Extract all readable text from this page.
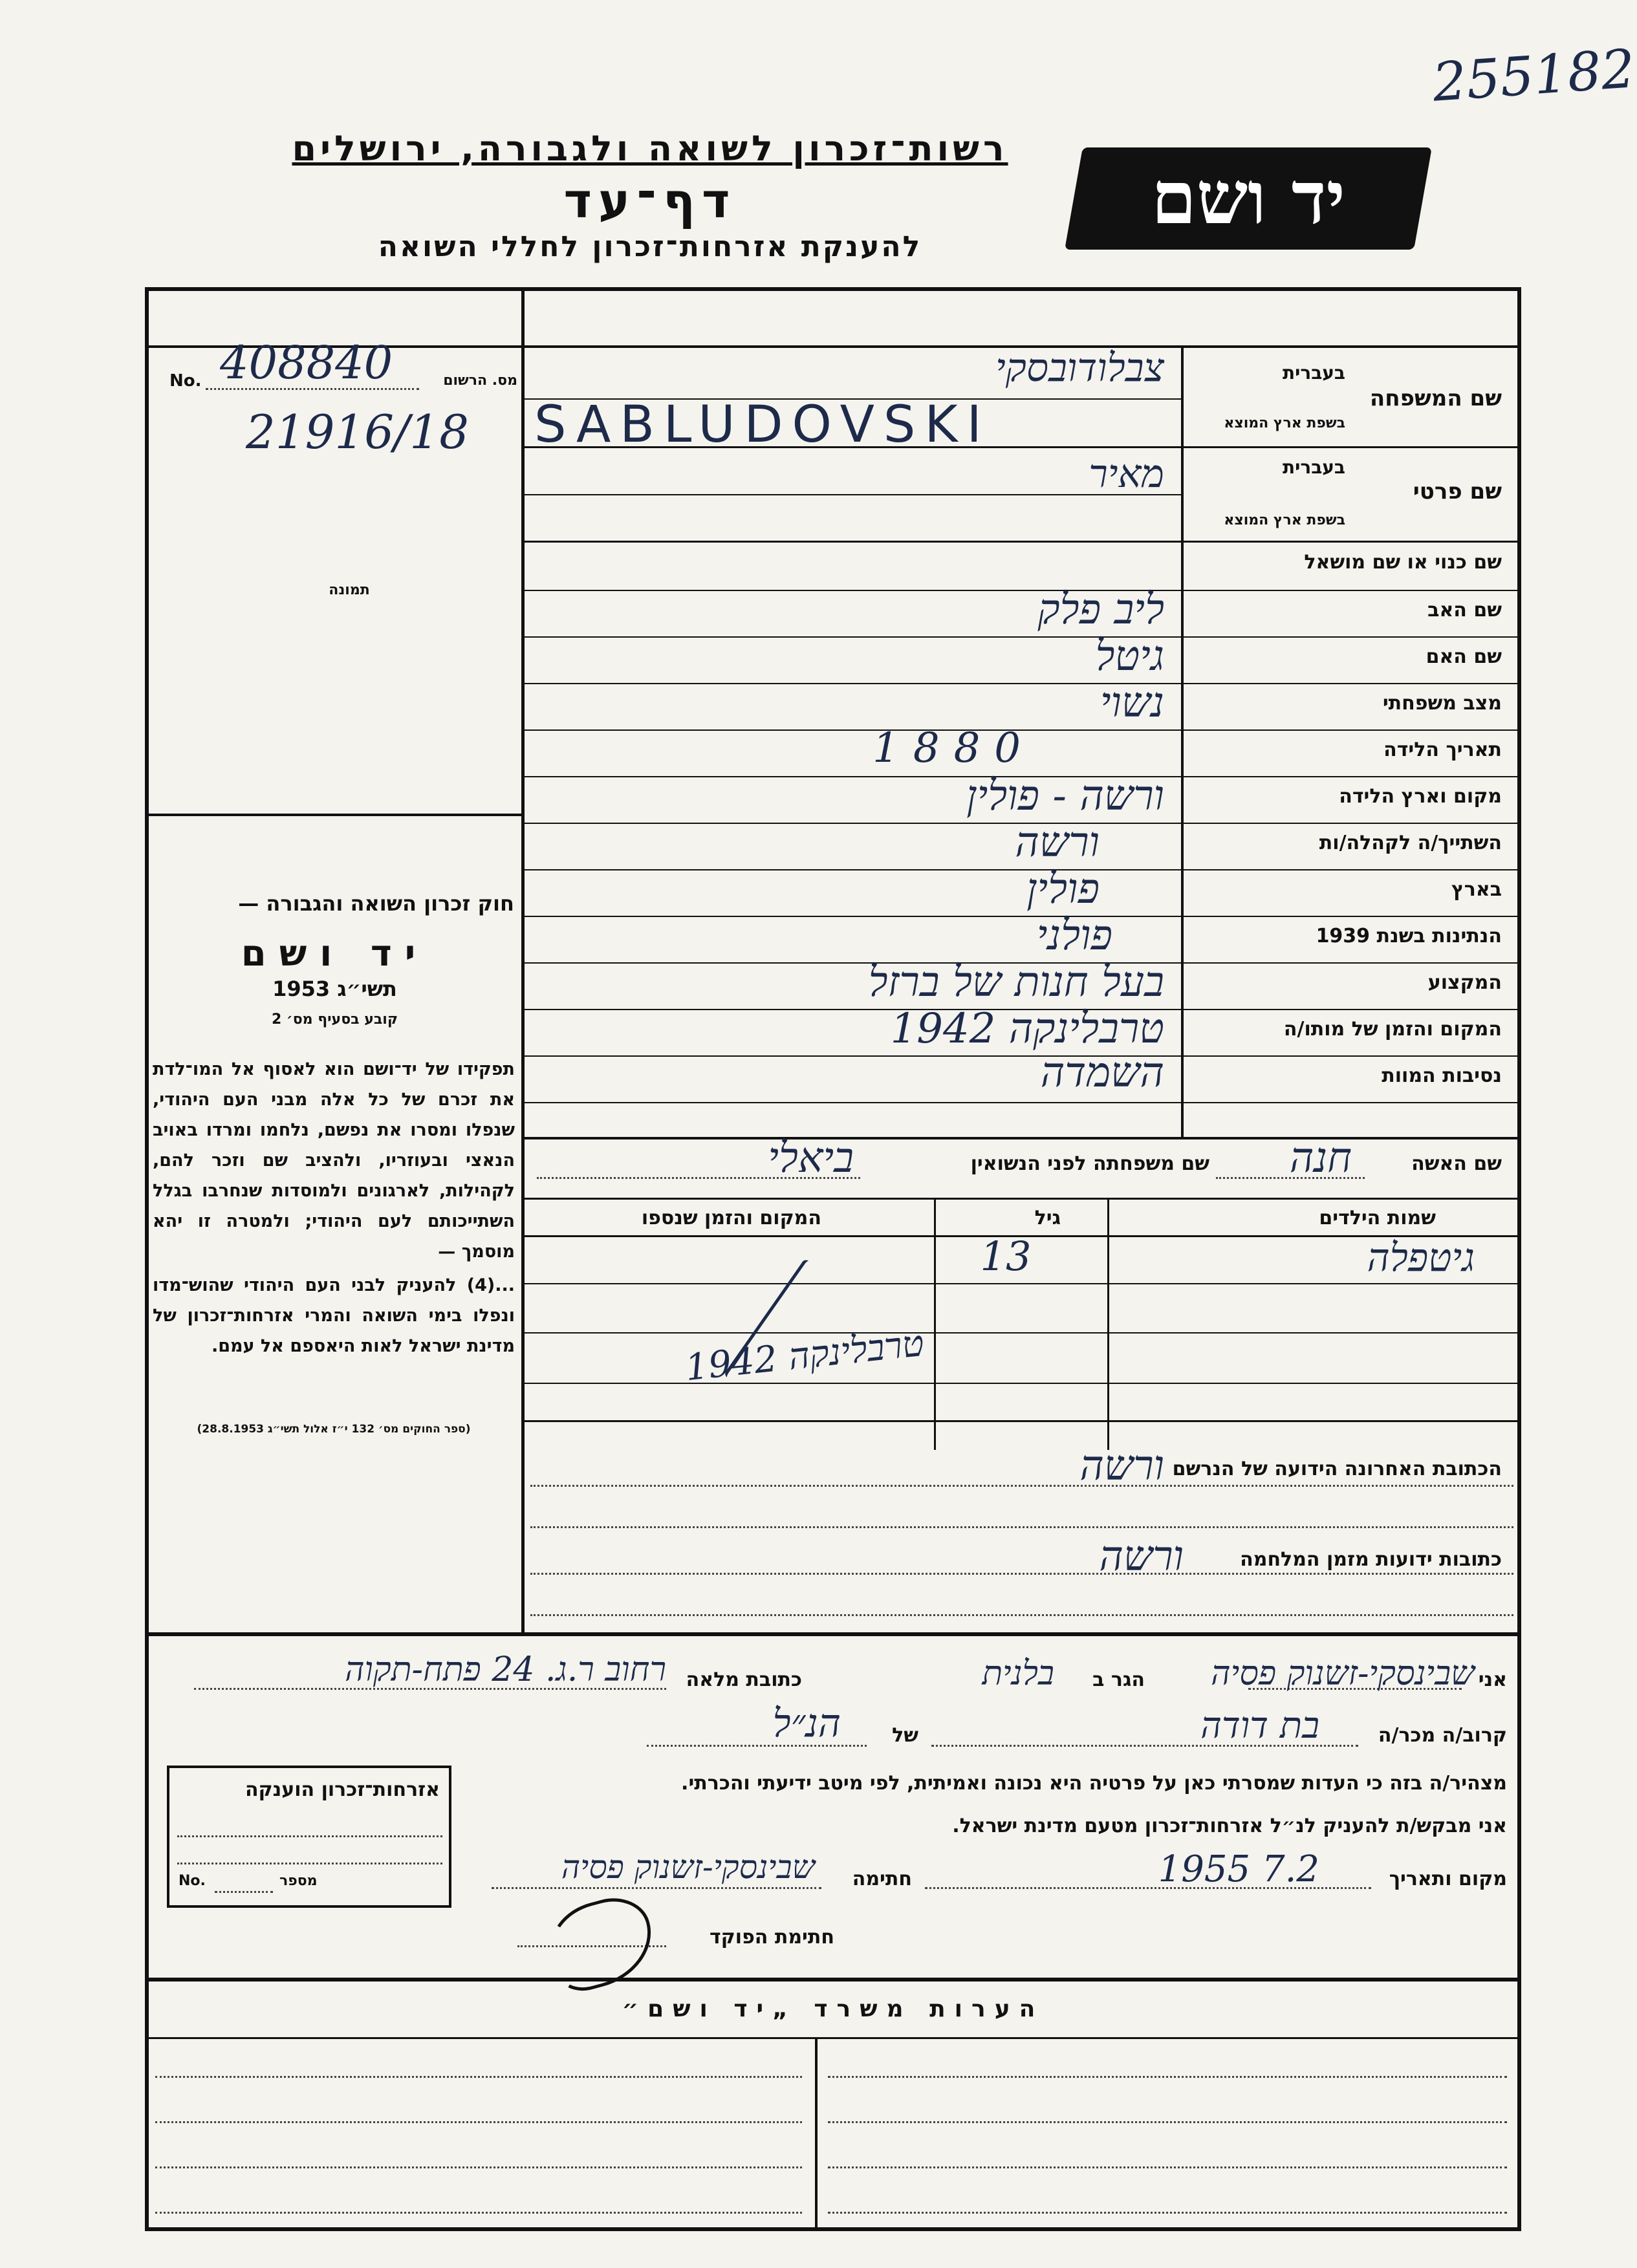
255182
רשות־זכרון לשואה ולגבורה, ירושלים
דף־עד
להענקת אזרחות־זכרון לחללי השואה
יד ושם
No. 408840	מס. הרשום
21916/18
תמונה
חוק זכרון השואה והגבורה —
יד ושם
תשי״ג 1953
קובע בסעיף מס׳ 2
תפקידו של יד־ושם הוא לאסוף אל המו־לדת את זכרם של כל אלה מבני העם היהודי, שנפלו ומסרו את נפשם, נלחמו ומרדו באויב הנאצי ובעוזריו, ולהציב שם וזכר להם, לקהילות, לארגונים ולמוסדות שנחרבו בגלל השתייכותם לעם היהודי; ולמטרה זו יהא מוסמך —
...(4) להעניק לבני העם היהודי שהוש־מדו ונפלו בימי השואה והמרי אזרחות־זכרון של מדינת ישראל לאות היאספם אל עמם.
(ספר החוקים מס׳ 132 י״ז אלול תשי״ג 28.8.1953)
שם המשפחה
בעברית
בשפת ארץ המוצא
צבלודובסקי
SABLUDOVSKI
שם פרטי
בעברית
בשפת ארץ המוצא
מאיר
שם כנוי או שם מושאל
שם האב
ליב פלק
שם האם
גיטל
מצב משפחתי
נשוי
תאריך הלידה
1880
מקום וארץ הלידה
ורשה - פולין
השתייך/ה לקהלה/ות
ורשה
בארץ
פולין
הנתינות בשנת 1939
פולני
המקצוע
בעל חנות של ברזל
המקום והזמן של מותו/ה
טרבלינקה 1942
נסיבות המוות
השמדה
שם האשה
חנה
שם משפחתה לפני הנשואין
ביאלי
שמות הילדים
גיל
המקום והזמן שנספו
גיטפלה
13
טרבלינקה 1942
הכתובת האחרונה הידועה של הנרשם
ורשה
כתובות ידועות מזמן המלחמה
ורשה
אני
שבינסקי-זשנוק פסיה
הגר ב
בלנית
כתובת מלאה
רחוב ר.ג. 24 פתח-תקוה
קרוב/ה מכר/ה
בת דודה
של
הנ״ל
מצהיר/ה בזה כי העדות שמסרתי כאן על פרטיה היא נכונה ואמיתית, לפי מיטב ידיעתי והכרתי.
אני מבקש/ת להעניק לנ״ל אזרחות־זכרון מטעם מדינת ישראל.
מקום ותאריך
7.2 1955
חתימה
שבינסקי-זשנוק פסיה
חתימת הפוקד
אזרחות־זכרון הוענקה
No.	מספר
הערות משרד „יד ושם״
